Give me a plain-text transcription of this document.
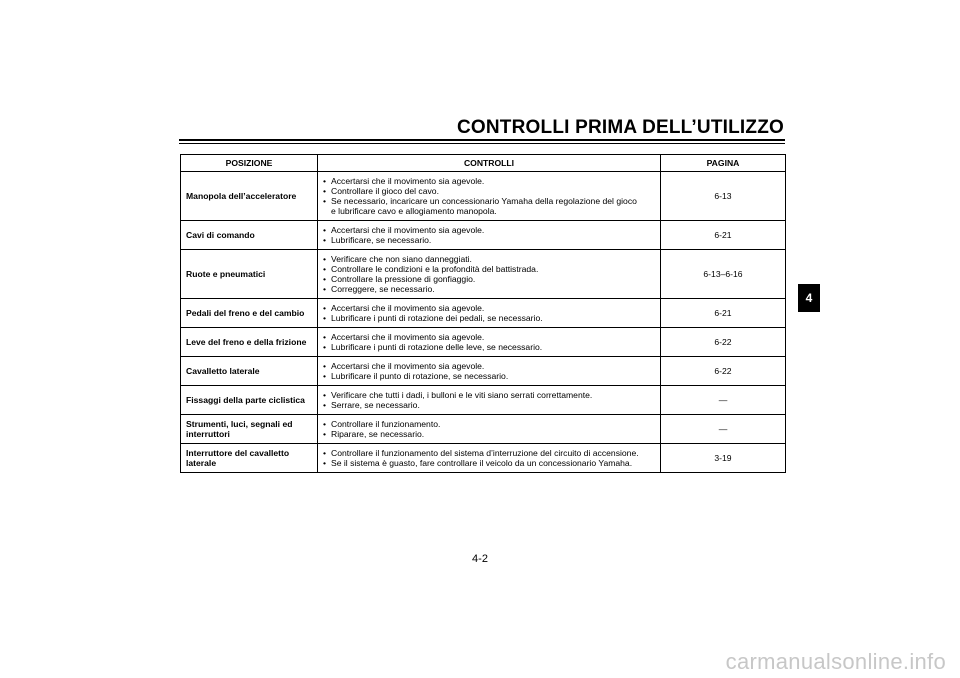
CONTROLLI PRIMA DELL’UTILIZZO
4
POSIZIONE	CONTROLLI	PAGINA
Manopola dell’acceleratore	• Accertarsi che il movimento sia agevole.
• Controllare il gioco del cavo.
• Se necessario, incaricare un concessionario Yamaha della regolazione del gioco
e lubrificare cavo e allogiamento manopola.	6-13
Cavi di comando	• Accertarsi che il movimento sia agevole.
• Lubrificare, se necessario.	6-21
Ruote e pneumatici	• Verificare che non siano danneggiati.
• Controllare le condizioni e la profondità del battistrada.
• Controllare la pressione di gonfiaggio.
• Correggere, se necessario.	6-13–6-16
Pedali del freno e del cambio	• Accertarsi che il movimento sia agevole.
• Lubrificare i punti di rotazione dei pedali, se necessario.	6-21
Leve del freno e della frizione	• Accertarsi che il movimento sia agevole.
• Lubrificare i punti di rotazione delle leve, se necessario.	6-22
Cavalletto laterale	• Accertarsi che il movimento sia agevole.
• Lubrificare il punto di rotazione, se necessario.	6-22
Fissaggi della parte ciclistica	• Verificare che tutti i dadi, i bulloni e le viti siano serrati correttamente.
• Serrare, se necessario.	—
Strumenti, luci, segnali ed interruttori	• Controllare il funzionamento.
• Riparare, se necessario.	—
Interruttore del cavalletto laterale	• Controllare il funzionamento del sistema d’interruzione del circuito di accensione.
• Se il sistema è guasto, fare controllare il veicolo da un concessionario Yamaha.	3-19
4-2
carmanualsonline.info
